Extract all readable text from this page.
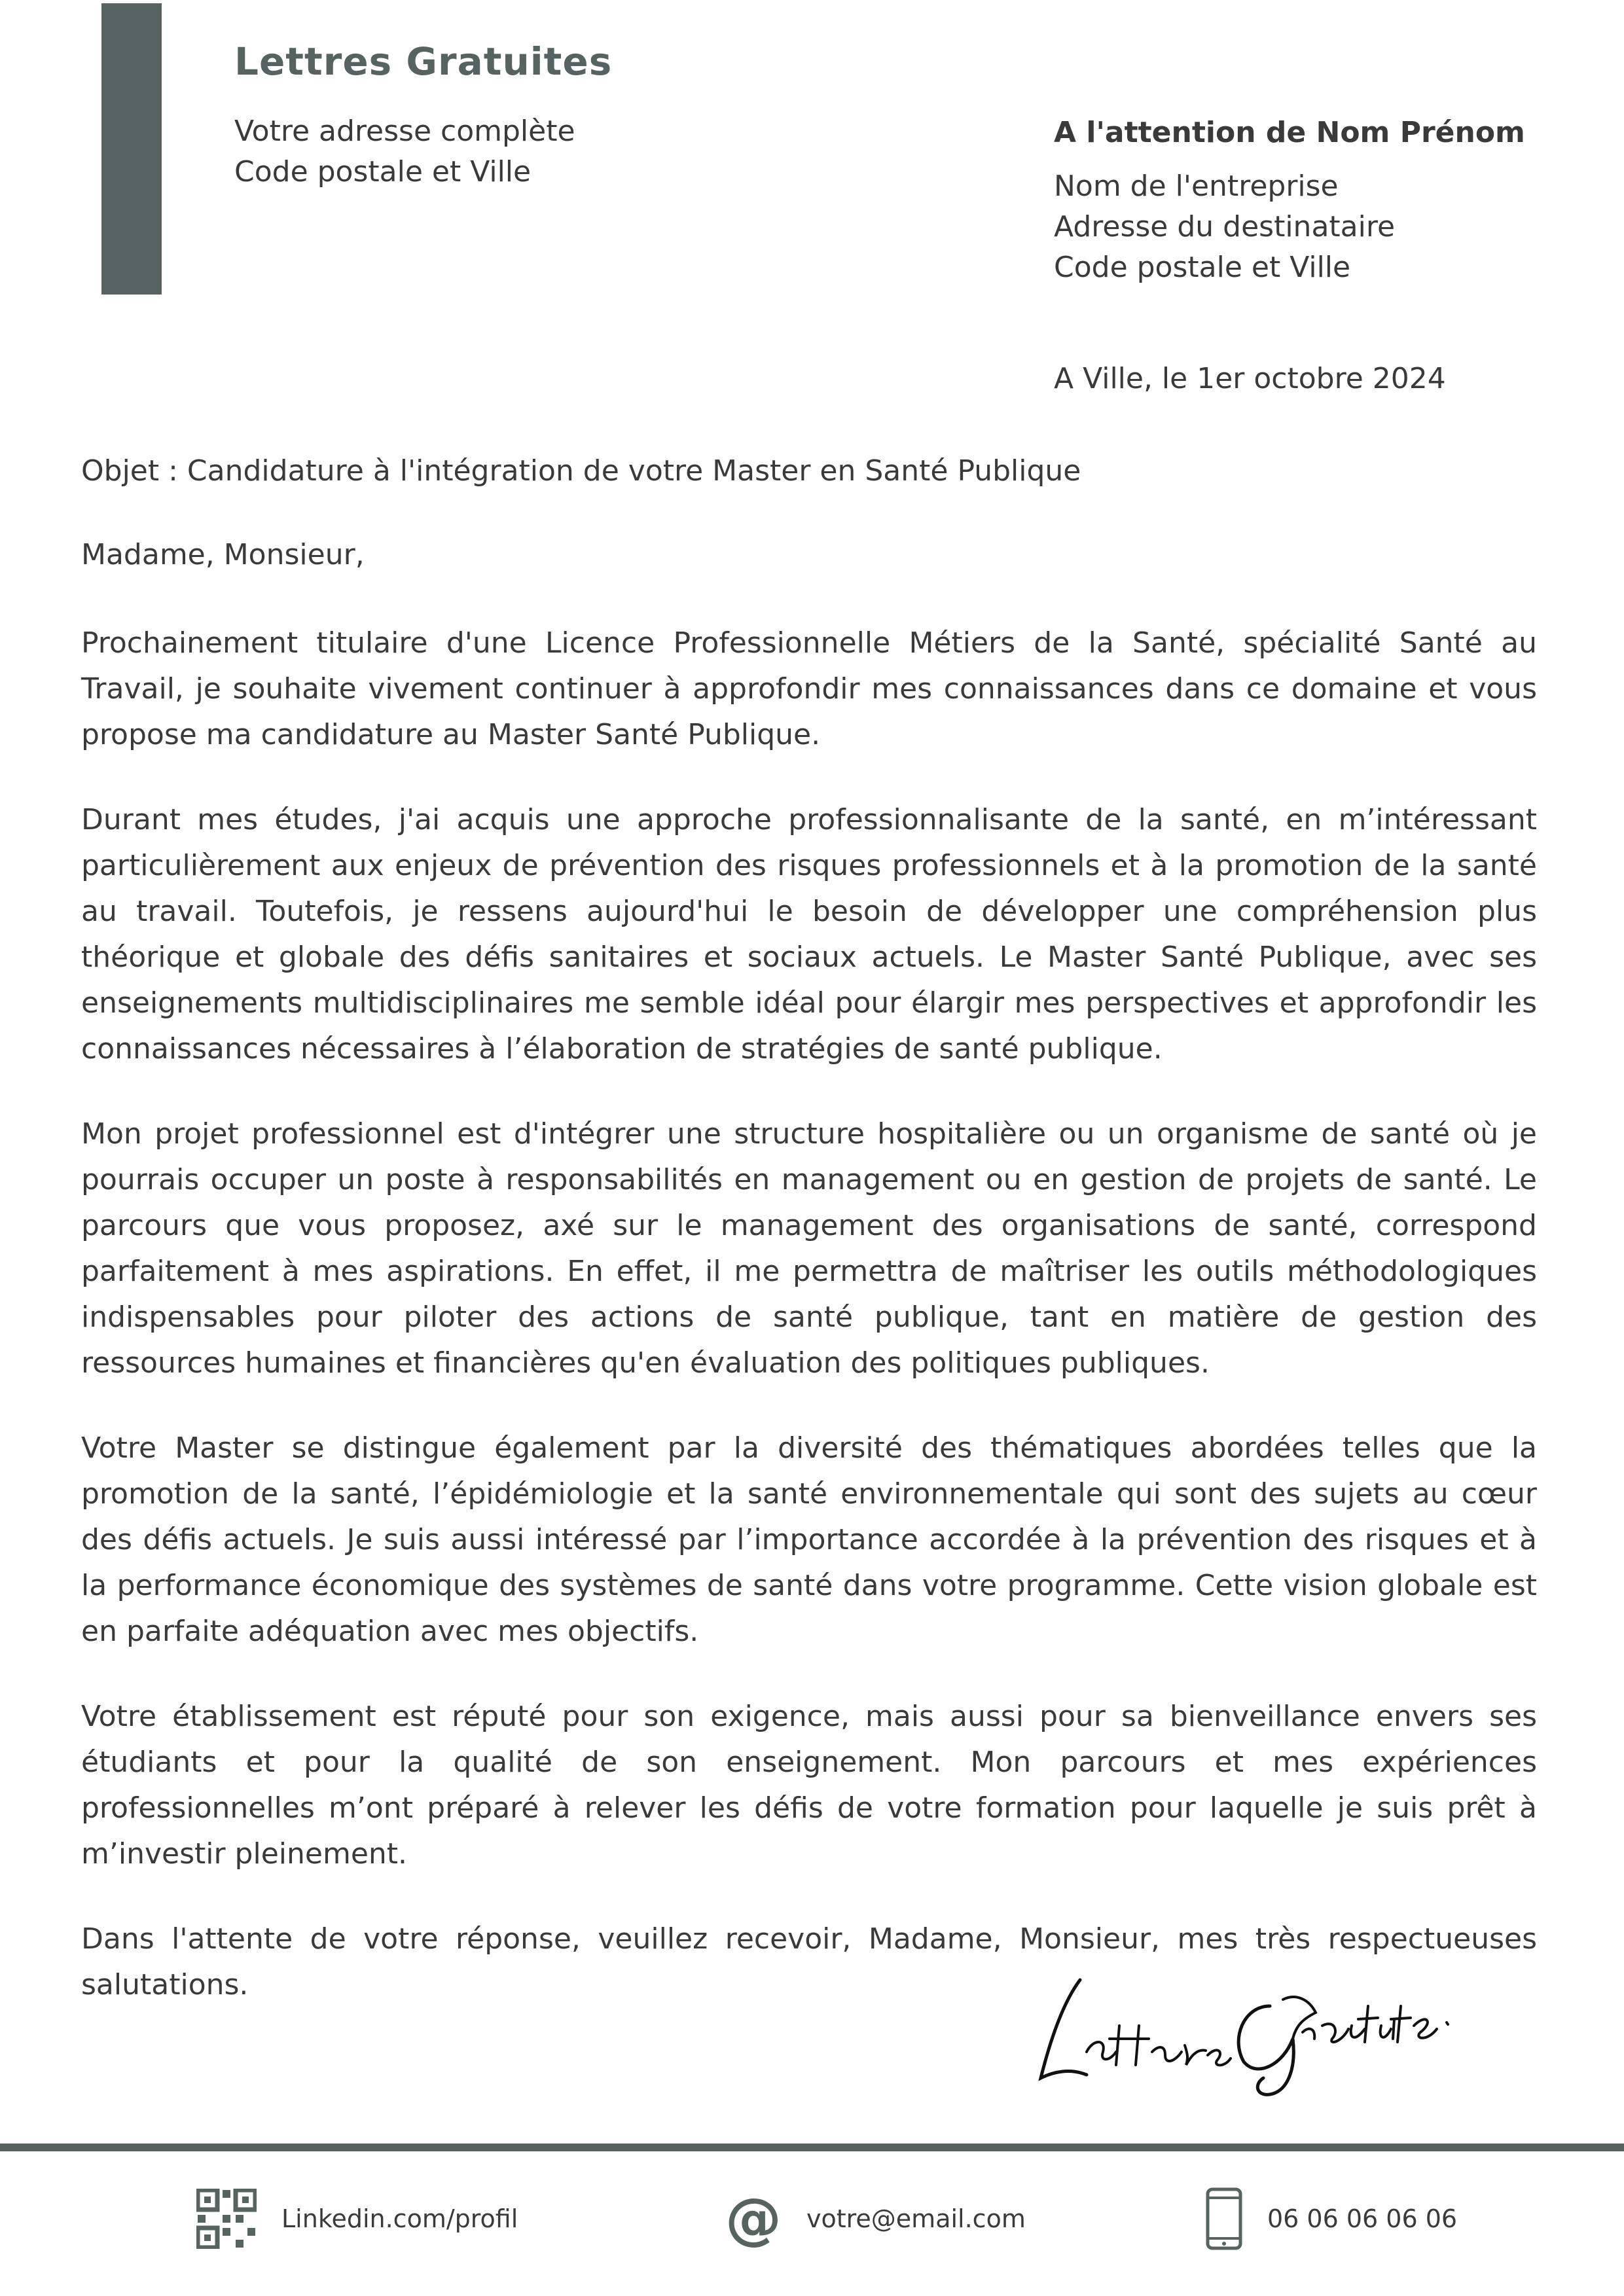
Lettres Gratuites
Votre adresse complète
Code postale et Ville
A l'attention de Nom Prénom
Nom de l'entreprise
Adresse du destinataire
Code postale et Ville
A Ville, le 1er octobre 2024
Objet : Candidature à l'intégration de votre Master en Santé Publique
Madame, Monsieur,

Prochainement titulaire d'une Licence Professionnelle Métiers de la Santé, spécialité Santé au Travail, je souhaite vivement continuer à approfondir mes connaissances dans ce domaine et vous propose ma candidature au Master Santé Publique.

Durant mes études, j'ai acquis une approche professionnalisante de la santé, en m’intéressant particulièrement aux enjeux de prévention des risques professionnels et à la promotion de la santé au travail. Toutefois, je ressens aujourd'hui le besoin de développer une compréhension plus théorique et globale des défis sanitaires et sociaux actuels. Le Master Santé Publique, avec ses enseignements multidisciplinaires me semble idéal pour élargir mes perspectives et approfondir les connaissances nécessaires à l’élaboration de stratégies de santé publique.

Mon projet professionnel est d'intégrer une structure hospitalière ou un organisme de santé où je pourrais occuper un poste à responsabilités en management ou en gestion de projets de santé. Le parcours que vous proposez, axé sur le management des organisations de santé, correspond parfaitement à mes aspirations. En effet, il me permettra de maîtriser les outils méthodologiques indispensables pour piloter des actions de santé publique, tant en matière de gestion des ressources humaines et financières qu'en évaluation des politiques publiques.

Votre Master se distingue également par la diversité des thématiques abordées telles que la promotion de la santé, l’épidémiologie et la santé environnementale qui sont des sujets au cœur des défis actuels. Je suis aussi intéressé par l’importance accordée à la prévention des risques et à la performance économique des systèmes de santé dans votre programme. Cette vision globale est en parfaite adéquation avec mes objectifs.

Votre établissement est réputé pour son exigence, mais aussi pour sa bienveillance envers ses étudiants et pour la qualité de son enseignement. Mon parcours et mes expériences professionnelles m’ont préparé à relever les défis de votre formation pour laquelle je suis prêt à m’investir pleinement.

Dans l'attente de votre réponse, veuillez recevoir, Madame, Monsieur, mes très respectueuses salutations.

Linkedin.com/profil	@ votre@email.com	06 06 06 06 06
